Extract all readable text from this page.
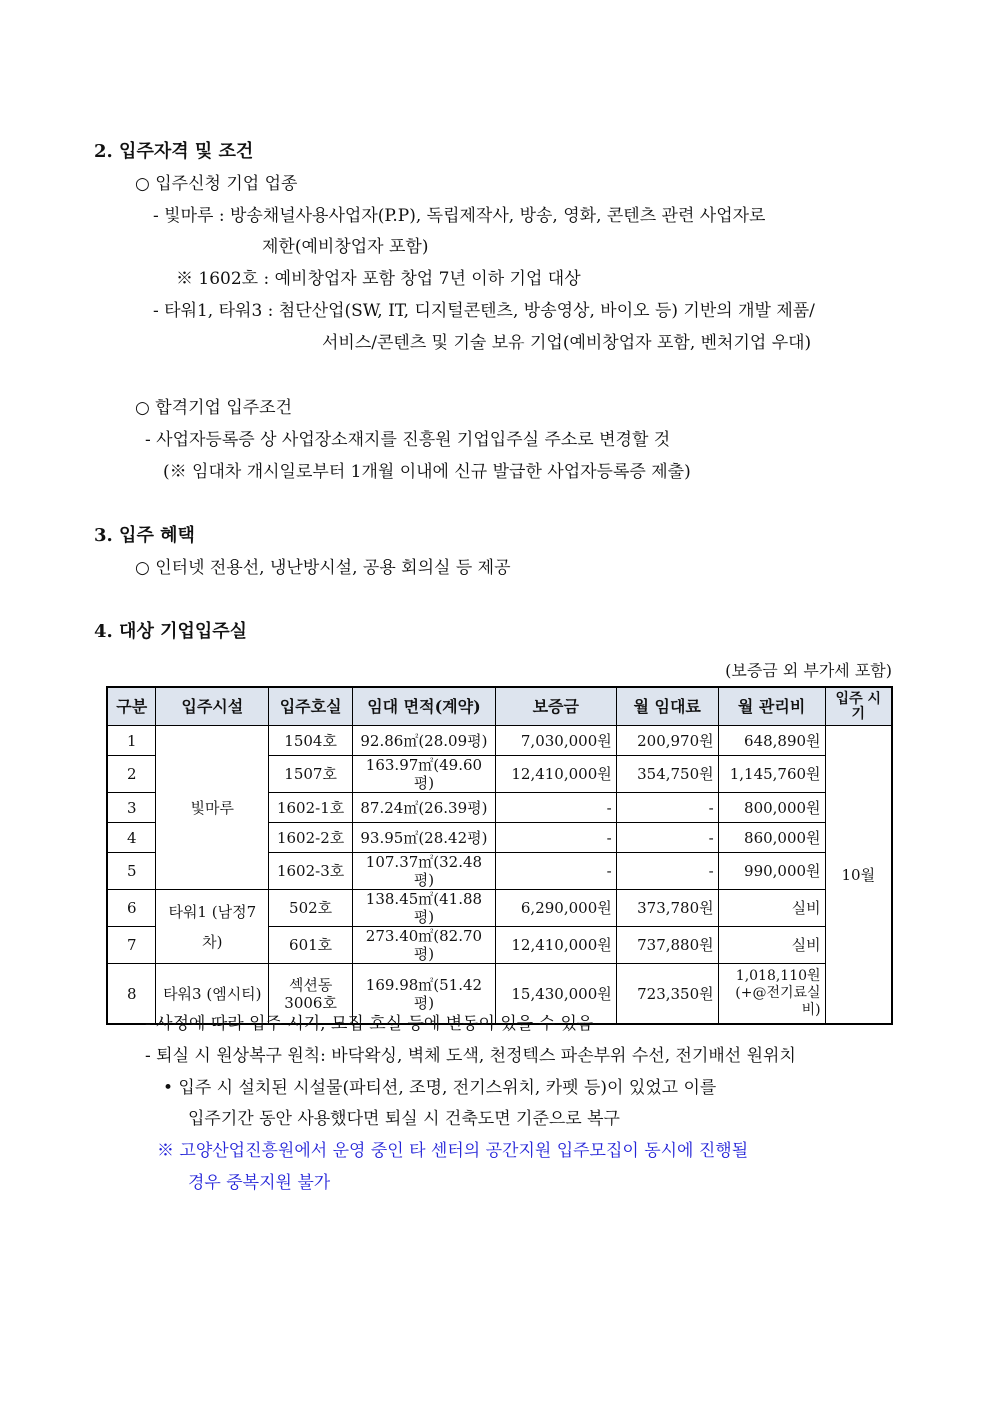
2. 입주자격 및 조건
○ 입주신청 기업 업종
- 빛마루 : 방송채널사용사업자(P.P), 독립제작사, 방송, 영화, 콘텐츠 관련 사업자로
제한(예비창업자 포함)
※ 1602호 : 예비창업자 포함 창업 7년 이하 기업 대상
- 타워1, 타워3 : 첨단산업(SW, IT, 디지털콘텐츠, 방송영상, 바이오 등) 기반의 개발 제품/
서비스/콘텐츠 및 기술 보유 기업(예비창업자 포함, 벤처기업 우대)
○ 합격기업 입주조건
- 사업자등록증 상 사업장소재지를 진흥원 기업입주실 주소로 변경할 것
(※ 임대차 개시일로부터 1개월 이내에 신규 발급한 사업자등록증 제출)
3. 입주 혜택
○ 인터넷 전용선, 냉난방시설, 공용 회의실 등 제공
4. 대상 기업입주실
(보증금 외 부가세 포함)
구분	입주시설	입주호실	임대 면적(계약)	보증금	월 임대료	월 관리비	입주 시기
1	빛마루	1504호	92.86㎡(28.09평)	7,030,000원	200,970원	648,890원	10월
2		1507호	163.97㎡(49.60평)	12,410,000원	354,750원	1,145,760원	
3		1602-1호	87.24㎡(26.39평)	-	-	800,000원	
4		1602-2호	93.95㎡(28.42평)	-	-	860,000원	
5		1602-3호	107.37㎡(32.48평)	-	-	990,000원	
6	타워1 (남정7차)	502호	138.45㎡(41.88평)	6,290,000원	373,780원	실비	
7		601호	273.40㎡(82.70평)	12,410,000원	737,880원	실비	
8	타워3 (엠시티)	섹션동 3006호	169.98㎡(51.42평)	15,430,000원	723,350원	1,018,110원 (+@전기료실비)	
- 사정에 따라 입주 시기, 모집 호실 등에 변동이 있을 수 있음
- 퇴실 시 원상복구 원칙: 바닥왁싱, 벽체 도색, 천정텍스 파손부위 수선, 전기배선 원위치
• 입주 시 설치된 시설물(파티션, 조명, 전기스위치, 카펫 등)이 있었고 이를
입주기간 동안 사용했다면 퇴실 시 건축도면 기준으로 복구
※ 고양산업진흥원에서 운영 중인 타 센터의 공간지원 입주모집이 동시에 진행될
경우 중복지원 불가
